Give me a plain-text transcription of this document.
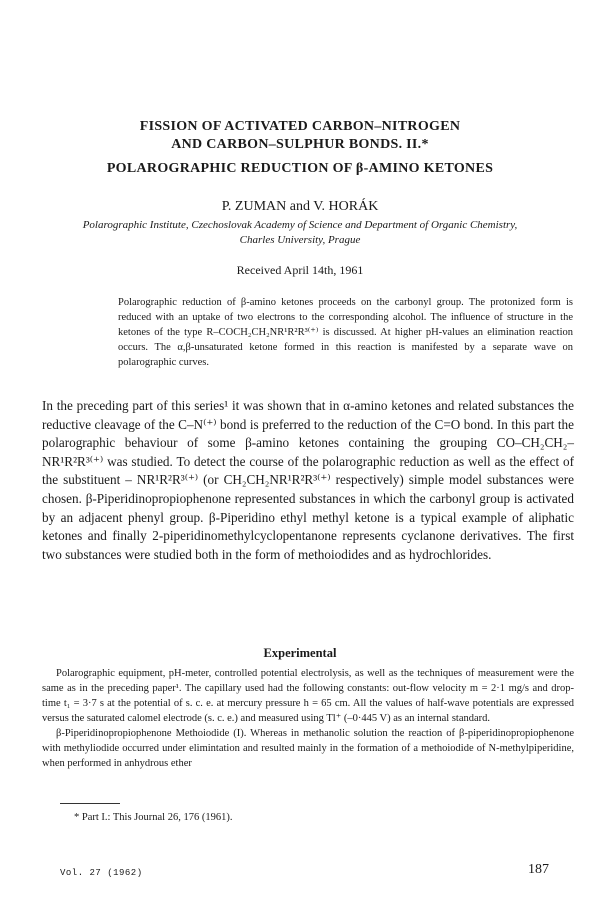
FISSION OF ACTIVATED CARBON–NITROGEN
AND CARBON–SULPHUR BONDS. II.*
POLAROGRAPHIC REDUCTION OF β-AMINO KETONES
P. ZUMAN and V. HORÁK
Polarographic Institute, Czechoslovak Academy of Science and Department of Organic Chemistry,
Charles University, Prague
Received April 14th, 1961

Polarographic reduction of β-amino ketones proceeds on the carbonyl group. The protonized form is reduced with an uptake of two electrons to the corresponding alcohol. The influence of structure in the ketones of the type R–COCH₂CH₂NR¹R²R³⁽⁺⁾ is discussed. At higher pH-values an elimination reaction occurs. The α,β-unsaturated ketone formed in this reaction is manifested by a separate wave on polarographic curves.

In the preceding part of this series¹ it was shown that in α-amino ketones and related substances the reductive cleavage of the C–N⁽⁺⁾ bond is preferred to the reduction of the C=O bond. In this part the polarographic behaviour of some β-amino ketones containing the grouping CO–CH₂CH₂–NR¹R²R³⁽⁺⁾ was studied. To detect the course of the polarographic reduction as well as the effect of the substituent – NR¹R²R³⁽⁺⁾ (or CH₂CH₂NR¹R²R³⁽⁺⁾ respectively) simple model substances were chosen. β-Piperidinopropiophenone represented substances in which the carbonyl group is activated by an adjacent phenyl group. β-Piperidino ethyl methyl ketone is a typical example of aliphatic ketones and finally 2-piperidinomethylcyclopentanone represents cyclanone derivatives. The first two substances were studied both in the form of methoiodides and as hydrochlorides.

Experimental

Polarographic equipment, pH-meter, controlled potential electrolysis, as well as the techniques of measurement were the same as in the preceding paper¹. The capillary used had the following constants: out-flow velocity m = 2·1 mg/s and drop-time t₁ = 3·7 s at the potential of s. c. e. at mercury pressure h = 65 cm. All the values of half-wave potentials are expressed versus the saturated calomel electrode (s. c. e.) and measured using Tl⁺ (–0·445 V) as an internal standard.

β-Piperidinopropiophenone Methoiodide (I). Whereas in methanolic solution the reaction of β-piperidinopropiophenone with methyliodide occurred under elimintation and resulted mainly in the formation of a methoiodide of N-methylpiperidine, when performed in anhydrous ether

* Part I.: This Journal 26, 176 (1961).
Vol. 27 (1962)	187
